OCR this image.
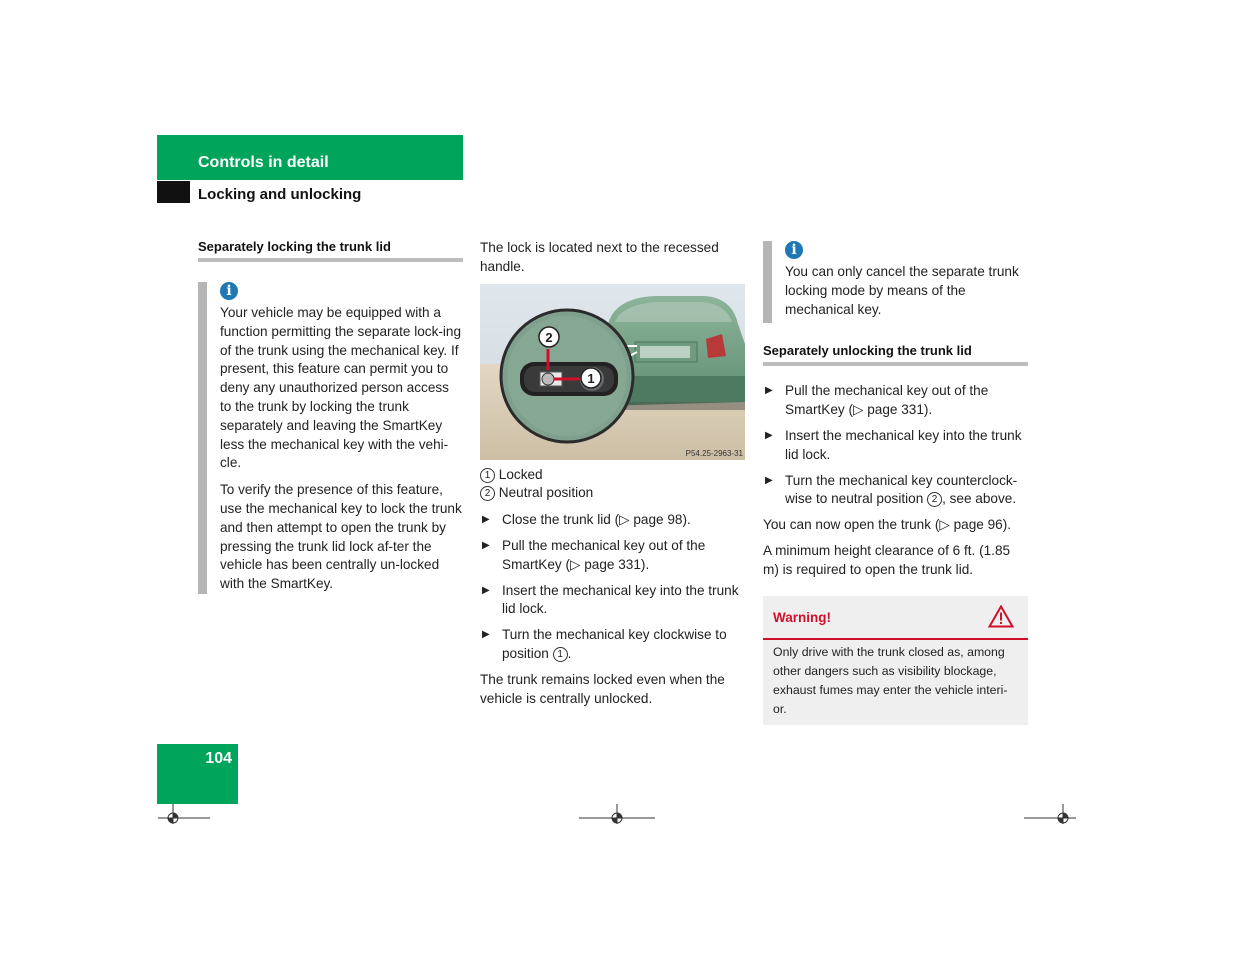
Controls in detail
Locking and unlocking
Separately locking the trunk lid
i

Your vehicle may be equipped with a function permitting the separate lock-ing of the trunk using the mechanical key. If present, this feature can permit you to deny any unauthorized person access to the trunk by locking the trunk separately and leaving the SmartKey less the mechanical key with the vehi-cle.

To verify the presence of this feature, use the mechanical key to lock the trunk and then attempt to open the trunk by pressing the trunk lid lock af-ter the vehicle has been centrally un-locked with the SmartKey.

The lock is located next to the recessed handle.

2
1
P54.25-2963-31

1 Locked

2 Neutral position

▶ Close the trunk lid (▷ page 98).
▶ Pull the mechanical key out of the SmartKey (▷ page 331).
▶ Insert the mechanical key into the trunk lid lock.
▶ Turn the mechanical key clockwise to position 1 .

The trunk remains locked even when the vehicle is centrally unlocked.

i

You can only cancel the separate trunk locking mode by means of the mechanical key.

Separately unlocking the trunk lid
▶ Pull the mechanical key out of the SmartKey (▷ page 331).
▶ Insert the mechanical key into the trunk lid lock.
▶ Turn the mechanical key counterclock-wise to neutral position 2 , see above.

You can now open the trunk (▷ page 96).

A minimum height clearance of 6 ft. (1.85 m) is required to open the trunk lid.

Warning!
Only drive with the trunk closed as, among other dangers such as visibility blockage, exhaust fumes may enter the vehicle interi-or.
104
